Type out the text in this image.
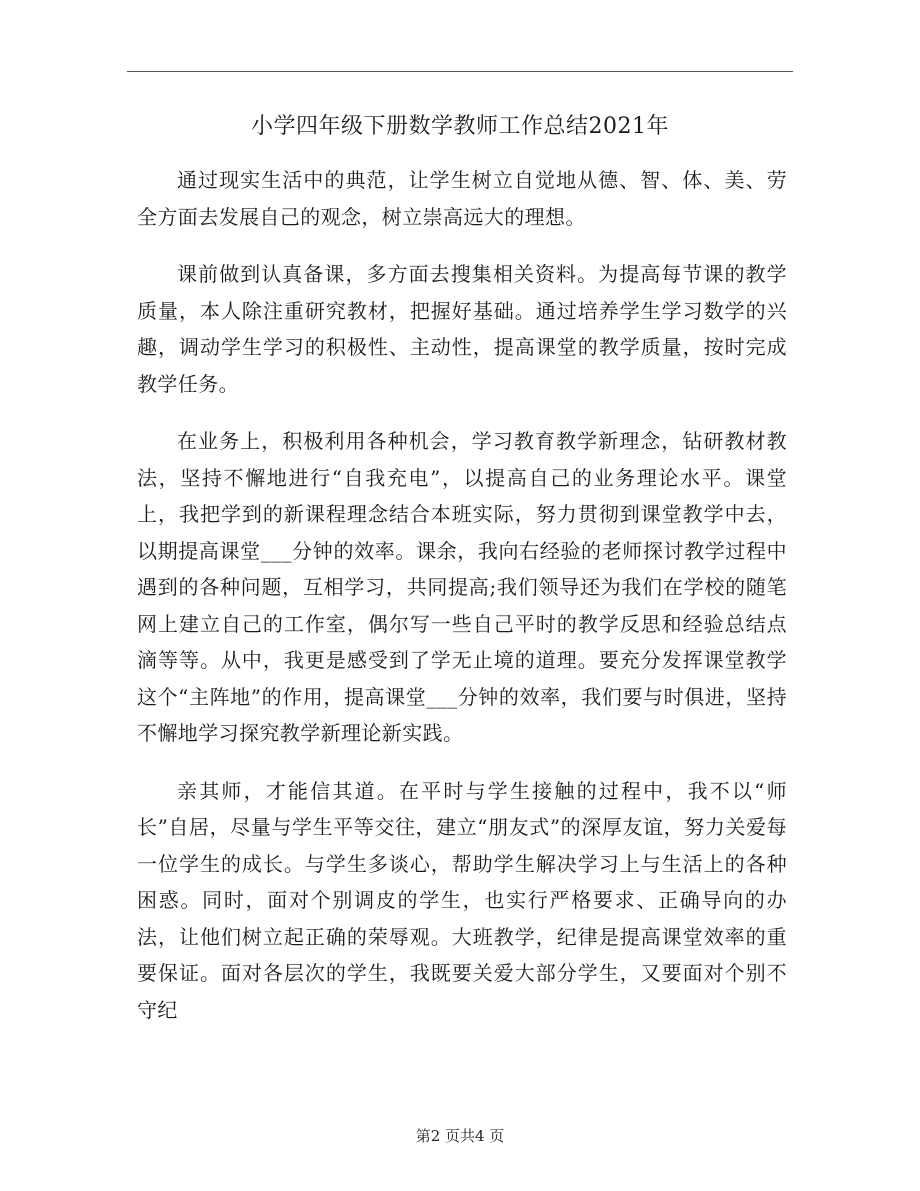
小学四年级下册数学教师工作总结2021年

通过现实生活中的典范，让学生树立自觉地从德、智、体、美、劳全方面去发展自己的观念，树立崇高远大的理想。

课前做到认真备课，多方面去搜集相关资料。为提高每节课的教学质量，本人除注重研究教材，把握好基础。通过培养学生学习数学的兴趣，调动学生学习的积极性、主动性，提高课堂的教学质量，按时完成教学任务。

在业务上，积极利用各种机会，学习教育教学新理念，钻研教材教法，坚持不懈地进行“自我充电”，以提高自己的业务理论水平。课堂上，我把学到的新课程理念结合本班实际，努力贯彻到课堂教学中去，以期提高课堂___分钟的效率。课余，我向右经验的老师探讨教学过程中遇到的各种问题，互相学习，共同提高;我们领导还为我们在学校的随笔网上建立自己的工作室，偶尔写一些自己平时的教学反思和经验总结点滴等等。从中，我更是感受到了学无止境的道理。要充分发挥课堂教学这个“主阵地”的作用，提高课堂___分钟的效率，我们要与时俱进，坚持不懈地学习探究教学新理论新实践。

亲其师，才能信其道。在平时与学生接触的过程中，我不以“师长”自居，尽量与学生平等交往，建立“朋友式”的深厚友谊，努力关爱每一位学生的成长。与学生多谈心，帮助学生解决学习上与生活上的各种困惑。同时，面对个别调皮的学生，也实行严格要求、正确导向的办法，让他们树立起正确的荣辱观。大班教学，纪律是提高课堂效率的重要保证。面对各层次的学生，我既要关爱大部分学生，又要面对个别不守纪

第2 页共4 页
